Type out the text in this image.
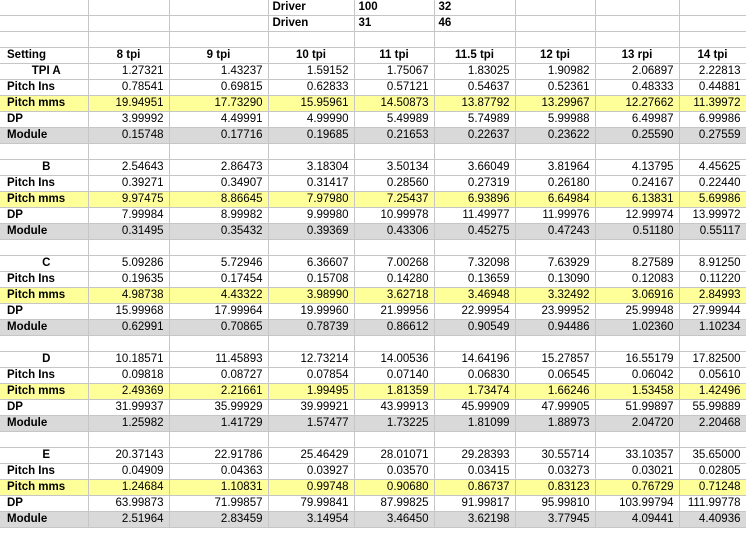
			Driver	100	32			
			Driven	31	46			

Setting	8 tpi	9 tpi	10 tpi	11 tpi	11.5 tpi	12 tpi	13 rpi	14 tpi
TPI A	1.27321	1.43237	1.59152	1.75067	1.83025	1.90982	2.06897	2.22813
Pitch Ins	0.78541	0.69815	0.62833	0.57121	0.54637	0.52361	0.48333	0.44881
Pitch mms	19.94951	17.73290	15.95961	14.50873	13.87792	13.29967	12.27662	11.39972
DP	3.99992	4.49991	4.99990	5.49989	5.74989	5.99988	6.49987	6.99986
Module	0.15748	0.17716	0.19685	0.21653	0.22637	0.23622	0.25590	0.27559

B	2.54643	2.86473	3.18304	3.50134	3.66049	3.81964	4.13795	4.45625
Pitch Ins	0.39271	0.34907	0.31417	0.28560	0.27319	0.26180	0.24167	0.22440
Pitch mms	9.97475	8.86645	7.97980	7.25437	6.93896	6.64984	6.13831	5.69986
DP	7.99984	8.99982	9.99980	10.99978	11.49977	11.99976	12.99974	13.99972
Module	0.31495	0.35432	0.39369	0.43306	0.45275	0.47243	0.51180	0.55117

C	5.09286	5.72946	6.36607	7.00268	7.32098	7.63929	8.27589	8.91250
Pitch Ins	0.19635	0.17454	0.15708	0.14280	0.13659	0.13090	0.12083	0.11220
Pitch mms	4.98738	4.43322	3.98990	3.62718	3.46948	3.32492	3.06916	2.84993
DP	15.99968	17.99964	19.99960	21.99956	22.99954	23.99952	25.99948	27.99944
Module	0.62991	0.70865	0.78739	0.86612	0.90549	0.94486	1.02360	1.10234

D	10.18571	11.45893	12.73214	14.00536	14.64196	15.27857	16.55179	17.82500
Pitch Ins	0.09818	0.08727	0.07854	0.07140	0.06830	0.06545	0.06042	0.05610
Pitch mms	2.49369	2.21661	1.99495	1.81359	1.73474	1.66246	1.53458	1.42496
DP	31.99937	35.99929	39.99921	43.99913	45.99909	47.99905	51.99897	55.99889
Module	1.25982	1.41729	1.57477	1.73225	1.81099	1.88973	2.04720	2.20468

E	20.37143	22.91786	25.46429	28.01071	29.28393	30.55714	33.10357	35.65000
Pitch Ins	0.04909	0.04363	0.03927	0.03570	0.03415	0.03273	0.03021	0.02805
Pitch mms	1.24684	1.10831	0.99748	0.90680	0.86737	0.83123	0.76729	0.71248
DP	63.99873	71.99857	79.99841	87.99825	91.99817	95.99810	103.99794	111.99778
Module	2.51964	2.83459	3.14954	3.46450	3.62198	3.77945	4.09441	4.40936
